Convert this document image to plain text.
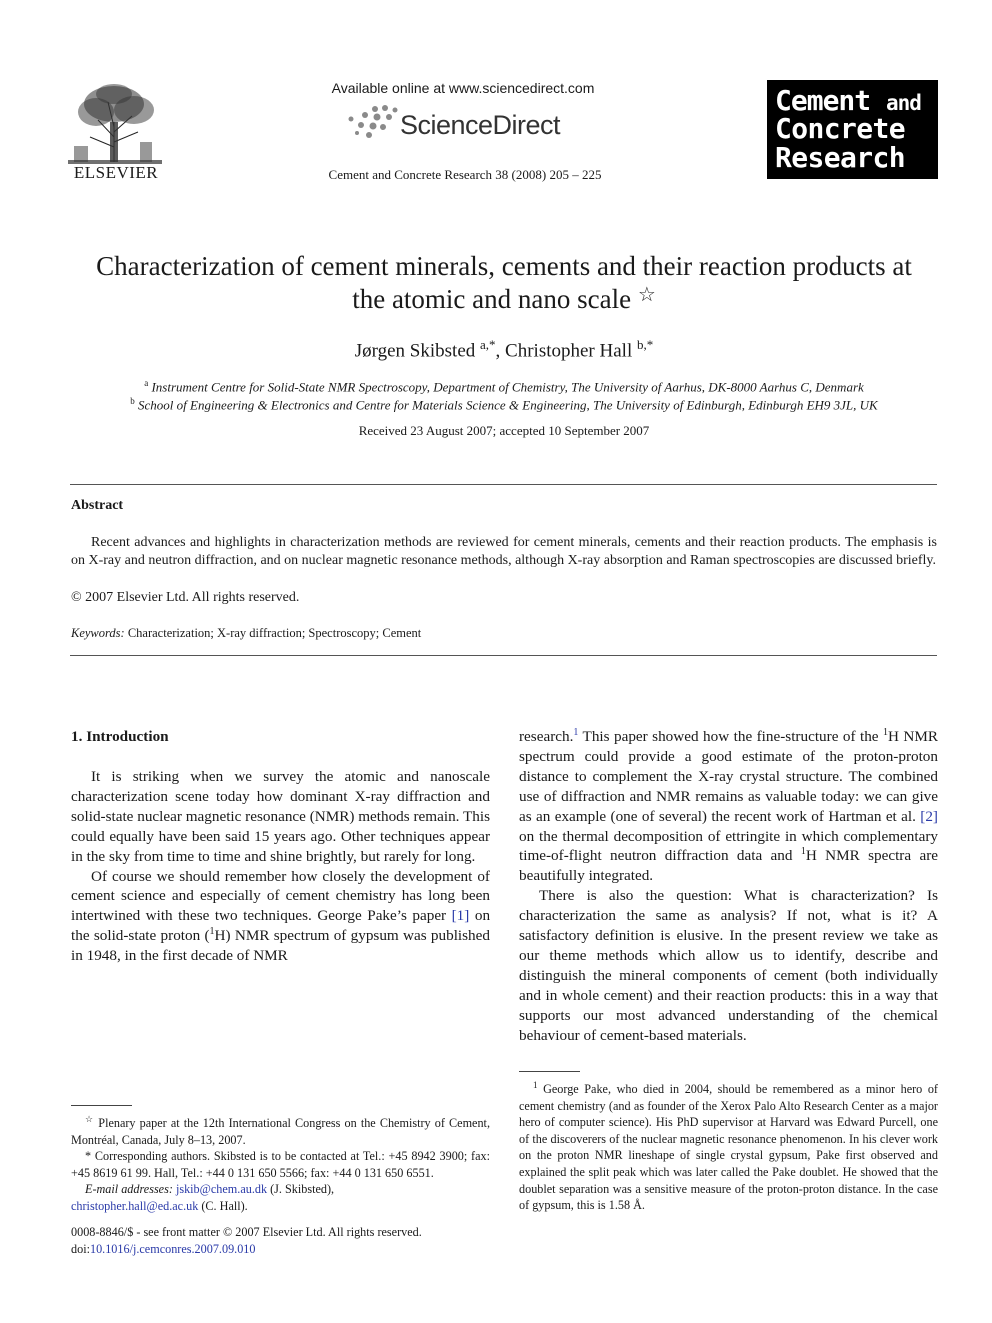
ELSEVIER
Available online at www.sciencedirect.com
ScienceDirect
Cement and Concrete Research 38 (2008) 205 – 225
Cement and
Concrete
Research
Characterization of cement minerals, cements and their reaction products at
the atomic and nano scale ☆
Jørgen Skibsted $^{a,*}$, Christopher Hall $^{b,*}$
$^a$ Instrument Centre for Solid-State NMR Spectroscopy, Department of Chemistry, The University of Aarhus, DK-8000 Aarhus C, Denmark
$^b$ School of Engineering & Electronics and Centre for Materials Science & Engineering, The University of Edinburgh, Edinburgh EH9 3JL, UK
Received 23 August 2007; accepted 10 September 2007
Abstract
Recent advances and highlights in characterization methods are reviewed for cement minerals, cements and their reaction products. The emphasis is on X-ray and neutron diffraction, and on nuclear magnetic resonance methods, although X-ray absorption and Raman spectroscopies are discussed briefly.
© 2007 Elsevier Ltd. All rights reserved.
Keywords: Characterization; X-ray diffraction; Spectroscopy; Cement
1. Introduction

It is striking when we survey the atomic and nanoscale characterization scene today how dominant X-ray diffraction and solid-state nuclear magnetic resonance (NMR) methods remain. This could equally have been said 15 years ago. Other techniques appear in the sky from time to time and shine brightly, but rarely for long.

Of course we should remember how closely the development of cement science and especially of cement chemistry has long been intertwined with these two techniques. George Pake’s paper [1] on the solid-state proton ($^1$H) NMR spectrum of gypsum was published in 1948, in the first decade of NMR

research.$^1$ This paper showed how the fine-structure of the $^1$H NMR spectrum could provide a good estimate of the proton-proton distance to complement the X-ray crystal structure. The combined use of diffraction and NMR remains as valuable today: we can give as an example (one of several) the recent work of Hartman et al. [2] on the thermal decomposition of ettringite in which complementary time-of-flight neutron diffraction data and $^1$H NMR spectra are beautifully integrated.

There is also the question: What is characterization? Is characterization the same as analysis? If not, what is it? A satisfactory definition is elusive. In the present review we take as our theme methods which allow us to identify, describe and distinguish the mineral components of cement (both individually and in whole cement) and their reaction products: this in a way that supports our most advanced understanding of the chemical behaviour of cement-based materials.

☆ Plenary paper at the 12th International Congress on the Chemistry of Cement, Montréal, Canada, July 8–13, 2007.

* Corresponding authors. Skibsted is to be contacted at Tel.: +45 8942 3900; fax: +45 8619 61 99. Hall, Tel.: +44 0 131 650 5566; fax: +44 0 131 650 6551.

E-mail addresses: jskib@chem.au.dk (J. Skibsted),
christopher.hall@ed.ac.uk (C. Hall).

0008-8846/$ - see front matter © 2007 Elsevier Ltd. All rights reserved.
doi:10.1016/j.cemconres.2007.09.010

$^1$ George Pake, who died in 2004, should be remembered as a minor hero of cement chemistry (and as founder of the Xerox Palo Alto Research Center as a major hero of computer science). His PhD supervisor at Harvard was Edward Purcell, one of the discoverers of the nuclear magnetic resonance phenomenon. In his clever work on the proton NMR lineshape of single crystal gypsum, Pake first observed and explained the split peak which was later called the Pake doublet. He showed that the doublet separation was a sensitive measure of the proton-proton distance. In the case of gypsum, this is 1.58 Å.
